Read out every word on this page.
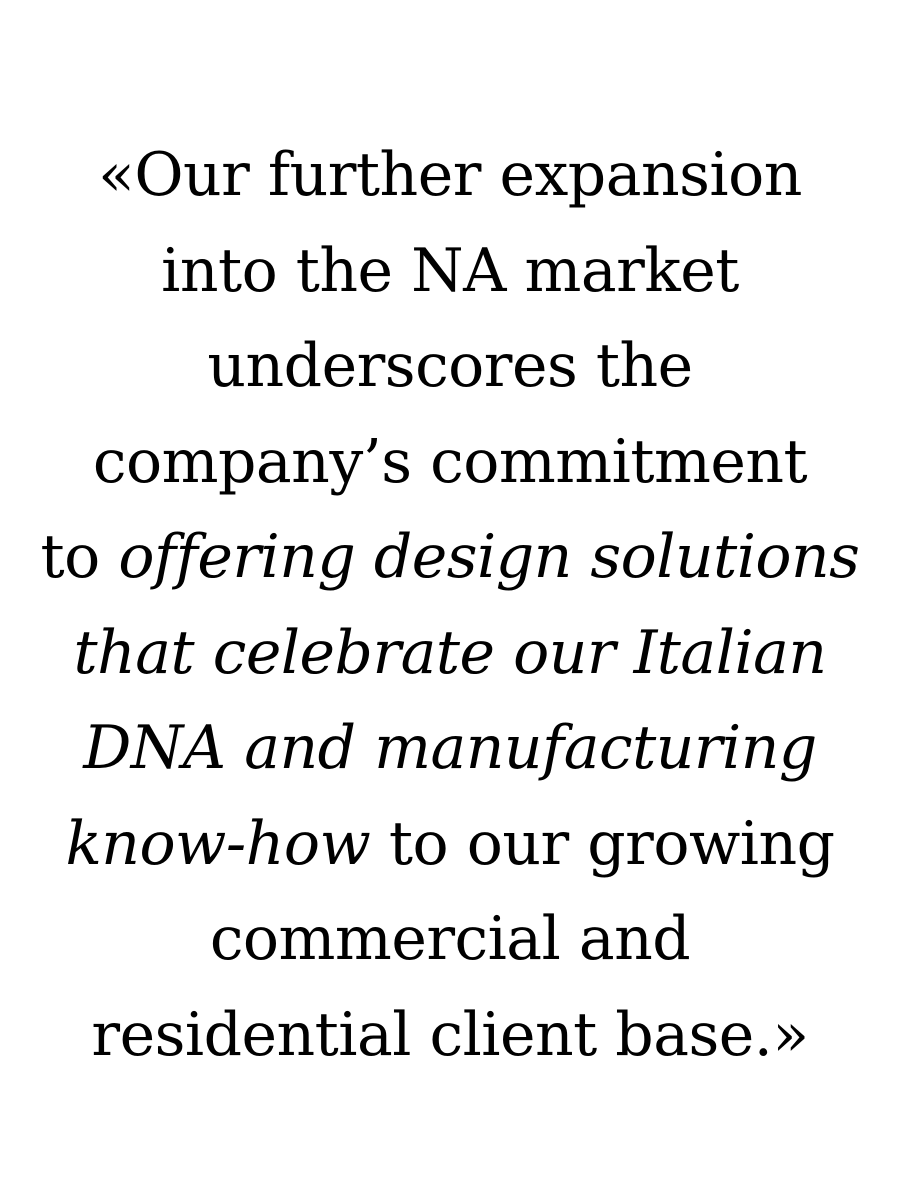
«Our further expansion
into the NA market
underscores the
company’s commitment
to offering design solutions
that celebrate our Italian
DNA and manufacturing
know-how to our growing
commercial and
residential client base.»
